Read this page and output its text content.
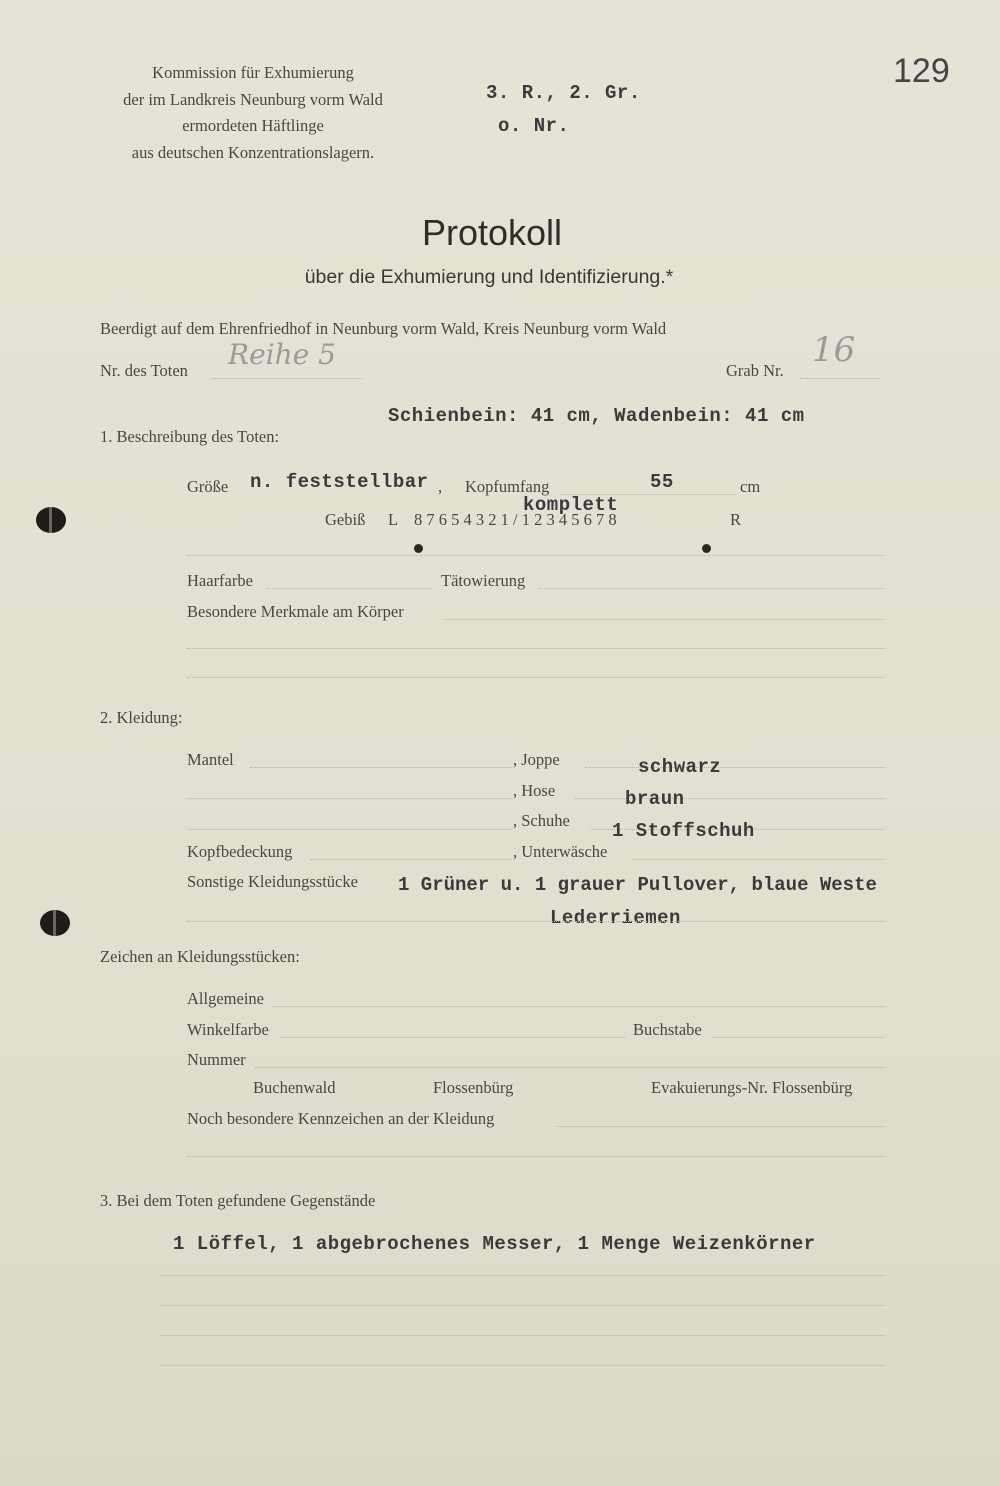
129
Kommission für Exhumierung
der im Landkreis Neunburg vorm Wald
ermordeten Häftlinge
aus deutschen Konzentrationslagern.
3. R., 2. Gr.
o. Nr.
Protokoll
über die Exhumierung und Identifizierung.*
Beerdigt auf dem Ehrenfriedhof in Neunburg vorm Wald, Kreis Neunburg vorm Wald
Nr. des Toten Reihe 5	Grab Nr.
16
Schienbein: 41 cm, Wadenbein: 41 cm
1. Beschreibung des Toten:
Größe n. feststellbar , Kopfumfang	55	cm
komplett
Gebiß L 8 7 6 5 4 3 2 1 / 1 2 3 4 5 6 7 8	R
Haarfarbe	Tätowierung
Besondere Merkmale am Körper
2. Kleidung:
Mantel	, Joppe	schwarz
, Hose	braun
, Schuhe 1 Stoffschuh
Kopfbedeckung	, Unterwäsche
Sonstige Kleidungsstücke 1 Grüner u. 1 grauer Pullover, blaue Weste
Lederriemen
Zeichen an Kleidungsstücken:
Allgemeine
Winkelfarbe	Buchstabe
Nummer
Buchenwald	Flossenbürg	Evakuierungs-Nr. Flossenbürg
Noch besondere Kennzeichen an der Kleidung
3. Bei dem Toten gefundene Gegenstände
1 Löffel, 1 abgebrochenes Messer, 1 Menge Weizenkörner
